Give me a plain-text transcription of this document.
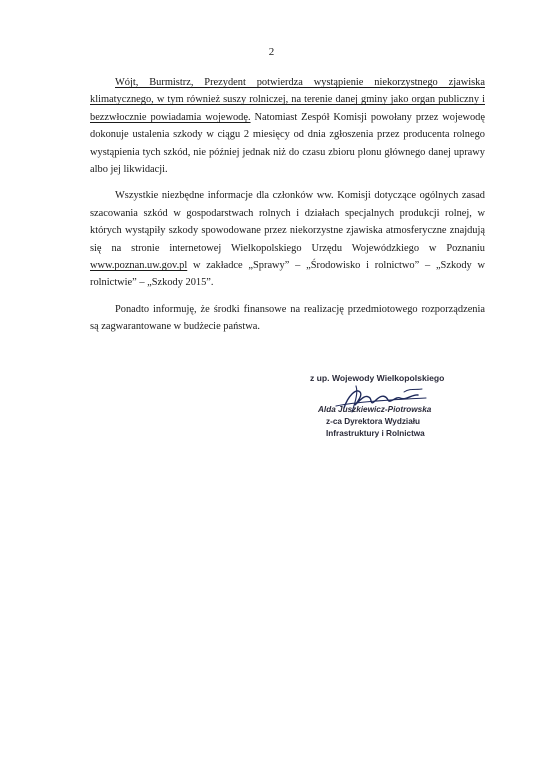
2

Wójt, Burmistrz, Prezydent potwierdza wystąpienie niekorzystnego zjawiska klimatycznego, w tym również suszy rolniczej, na terenie danej gminy jako organ publiczny i bezzwłocznie powiadamia wojewodę. Natomiast Zespół Komisji powołany przez wojewodę dokonuje ustalenia szkody w ciągu 2 miesięcy od dnia zgłoszenia przez producenta rolnego wystąpienia tych szkód, nie później jednak niż do czasu zbioru plonu głównego danej uprawy albo jej likwidacji.

Wszystkie niezbędne informacje dla członków ww. Komisji dotyczące ogólnych zasad szacowania szkód w gospodarstwach rolnych i działach specjalnych produkcji rolnej, w których wystąpiły szkody spowodowane przez niekorzystne zjawiska atmosferyczne znajdują się na stronie internetowej Wielkopolskiego Urzędu Wojewódzkiego w Poznaniu www.poznan.uw.gov.pl w zakładce „Sprawy” – „Środowisko i rolnictwo” – „Szkody w rolnictwie” – „Szkody 2015”.

Ponadto informuję, że środki finansowe na realizację przedmiotowego rozporządzenia są zagwarantowane w budżecie państwa.

z up. Wojewody Wielkopolskiego
Alda Juszkiewicz-Piotrowska
z-ca Dyrektora Wydziału
Infrastruktury i Rolnictwa
